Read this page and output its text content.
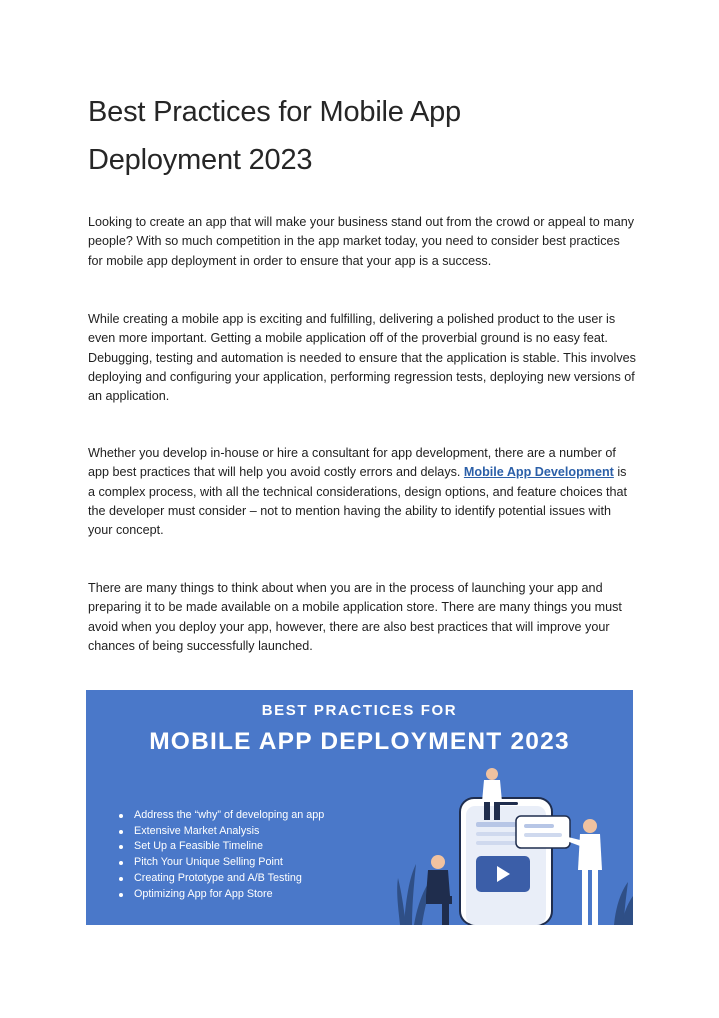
Best Practices for Mobile App
Deployment 2023

Looking to create an app that will make your business stand out from the crowd or appeal to many people? With so much competition in the app market today, you need to consider best practices for mobile app deployment in order to ensure that your app is a success.

While creating a mobile app is exciting and fulfilling, delivering a polished product to the user is even more important. Getting a mobile application off of the proverbial ground is no easy feat. Debugging, testing and automation is needed to ensure that the application is stable. This involves deploying and configuring your application, performing regression tests, deploying new versions of an application.

Whether you develop in-house or hire a consultant for app development, there are a number of app best practices that will help you avoid costly errors and delays. Mobile App Development is a complex process, with all the technical considerations, design options, and feature choices that the developer must consider – not to mention having the ability to identify potential issues with your concept.

There are many things to think about when you are in the process of launching your app and preparing it to be made available on a mobile application store. There are many things you must avoid when you deploy your app, however, there are also best practices that will improve your chances of being successfully launched.

BEST PRACTICES FOR
MOBILE APP DEPLOYMENT 2023
Address the “why” of developing an app
Extensive Market Analysis
Set Up a Feasible Timeline
Pitch Your Unique Selling Point
Creating Prototype and A/B Testing
Optimizing App for App Store
